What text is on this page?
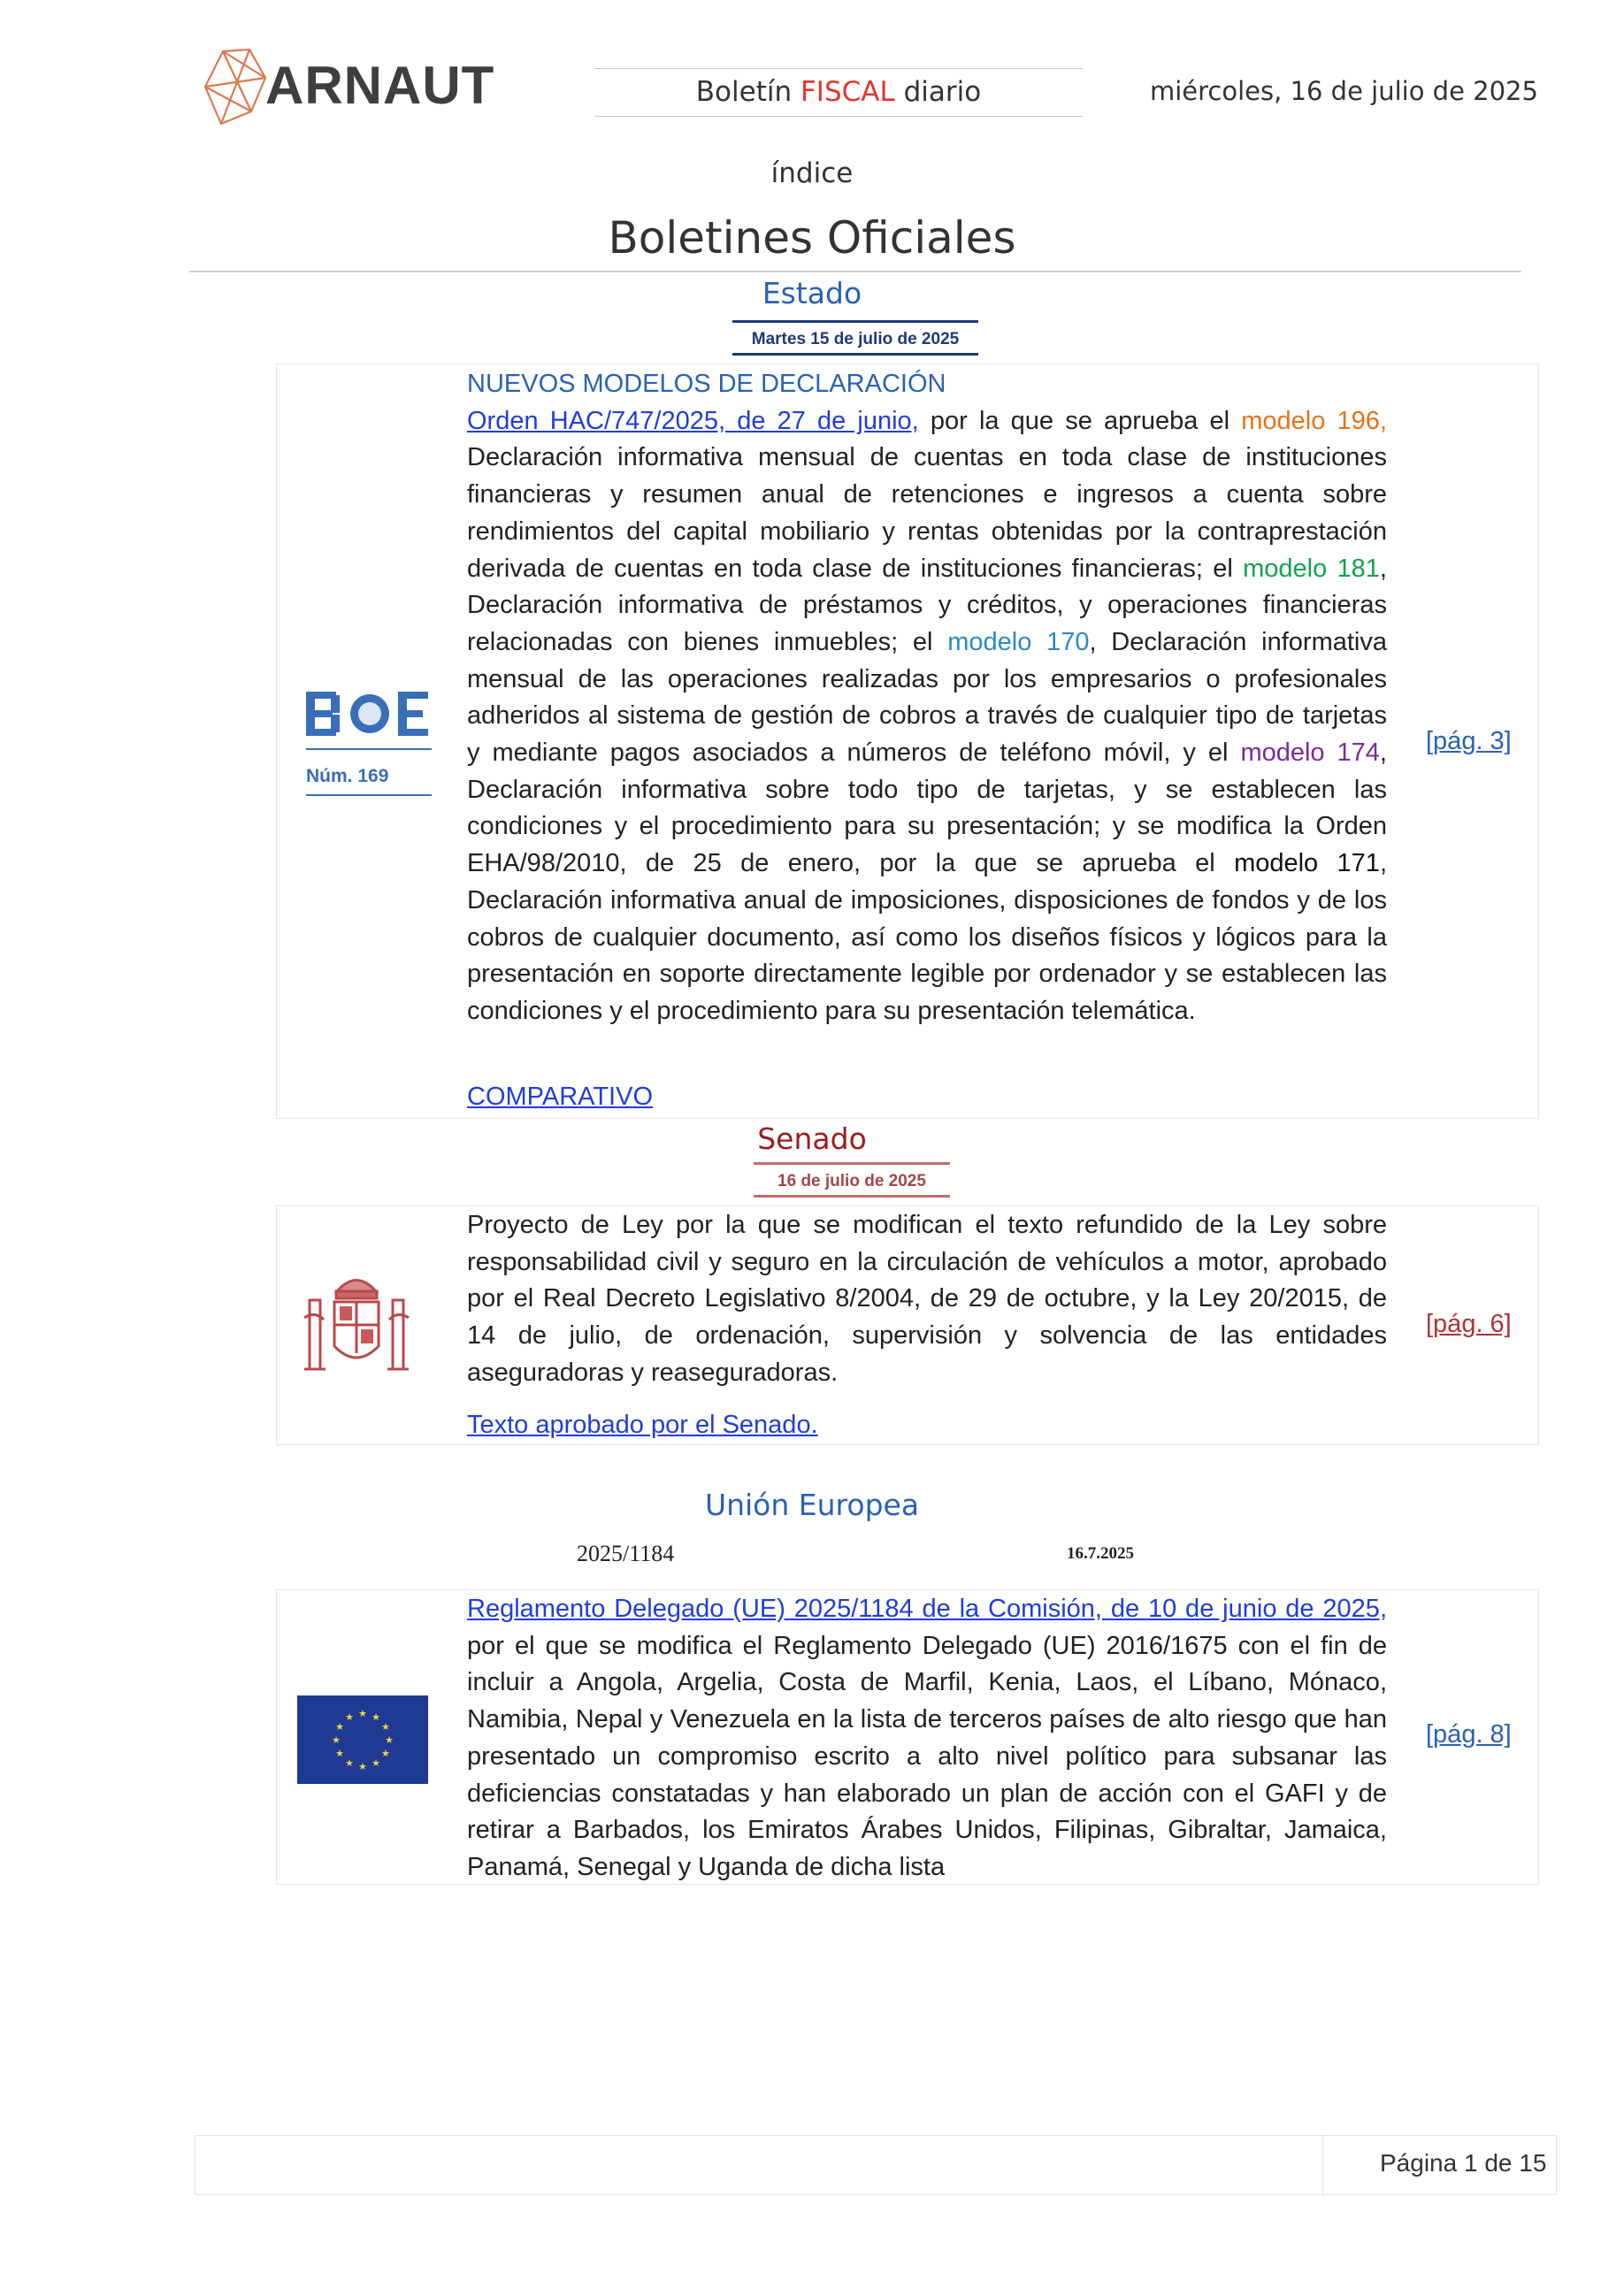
ARNAUT	Boletín FISCAL diario	miércoles, 16 de julio de 2025
índice
Boletines Oficiales
Estado
Martes 15 de julio de 2025
Núm. 169
NUEVOS MODELOS DE DECLARACIÓN
Orden HAC/747/2025, de 27 de junio, por la que se aprueba el modelo 196, Declaración informativa mensual de cuentas en toda clase de instituciones financieras y resumen anual de retenciones e ingresos a cuenta sobre rendimientos del capital mobiliario y rentas obtenidas por la contraprestación derivada de cuentas en toda clase de instituciones financieras; el modelo 181, Declaración informativa de préstamos y créditos, y operaciones financieras relacionadas con bienes inmuebles; el modelo 170, Declaración informativa mensual de las operaciones realizadas por los empresarios o profesionales adheridos al sistema de gestión de cobros a través de cualquier tipo de tarjetas y mediante pagos asociados a números de teléfono móvil, y el modelo 174, Declaración informativa sobre todo tipo de tarjetas, y se establecen las condiciones y el procedimiento para su presentación; y se modifica la Orden EHA/98/2010, de 25 de enero, por la que se aprueba el modelo 171, Declaración informativa anual de imposiciones, disposiciones de fondos y de los cobros de cualquier documento, así como los diseños físicos y lógicos para la presentación en soporte directamente legible por ordenador y se establecen las condiciones y el procedimiento para su presentación telemática.
COMPARATIVO
[pág. 3]
Senado
16 de julio de 2025
Proyecto de Ley por la que se modifican el texto refundido de la Ley sobre responsabilidad civil y seguro en la circulación de vehículos a motor, aprobado por el Real Decreto Legislativo 8/2004, de 29 de octubre, y la Ley 20/2015, de 14 de julio, de ordenación, supervisión y solvencia de las entidades aseguradoras y reaseguradoras.
Texto aprobado por el Senado.
[pág. 6]
Unión Europea
2025/1184	16.7.2025
★
★
★
★
★
★
★
★
★ ★ ★
★
Reglamento Delegado (UE) 2025/1184 de la Comisión, de 10 de junio de 2025, por el que se modifica el Reglamento Delegado (UE) 2016/1675 con el fin de incluir a Angola, Argelia, Costa de Marfil, Kenia, Laos, el Líbano, Mónaco, Namibia, Nepal y Venezuela en la lista de terceros países de alto riesgo que han presentado un compromiso escrito a alto nivel político para subsanar las deficiencias constatadas y han elaborado un plan de acción con el GAFI y de retirar a Barbados, los Emiratos Árabes Unidos, Filipinas, Gibraltar, Jamaica, Panamá, Senegal y Uganda de dicha lista
[pág. 8]
Página 1 de 15
